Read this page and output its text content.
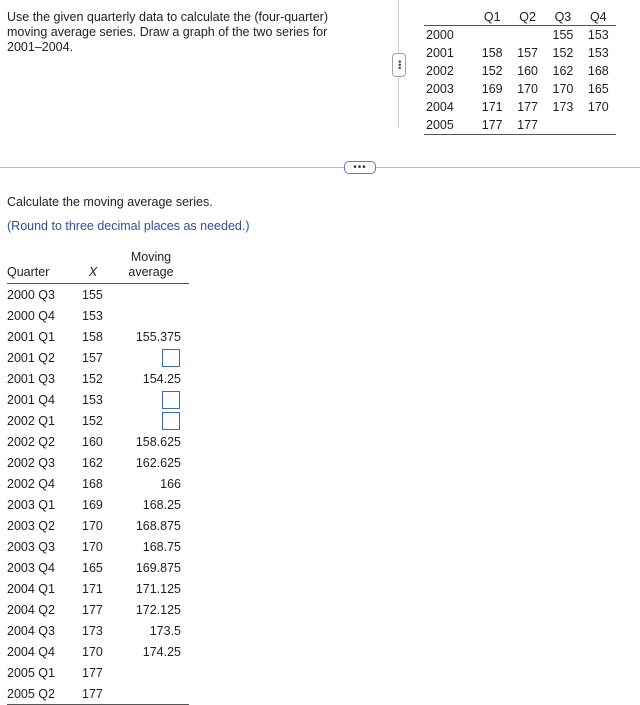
Use the given quarterly data to calculate the (four-quarter) moving average series. Draw a graph of the two series for 2001–2004.
•••
	Q1	Q2	Q3	Q4
2000			155	153
2001	158	157	152	153
2002	152	160	162	168
2003	169	170	170	165
2004	171	177	173	170
2005	177	177		
•••
Calculate the moving average series.
(Round to three decimal places as needed.)
Quarter	X	Moving
average
2000 Q3	155	
2000 Q4	153	
2001 Q1	158	155.375
2001 Q2	157	
2001 Q3	152	154.25
2001 Q4	153	
2002 Q1	152	
2002 Q2	160	158.625
2002 Q3	162	162.625
2002 Q4	168	166
2003 Q1	169	168.25
2003 Q2	170	168.875
2003 Q3	170	168.75
2003 Q4	165	169.875
2004 Q1	171	171.125
2004 Q2	177	172.125
2004 Q3	173	173.5
2004 Q4	170	174.25
2005 Q1	177	
2005 Q2	177	
